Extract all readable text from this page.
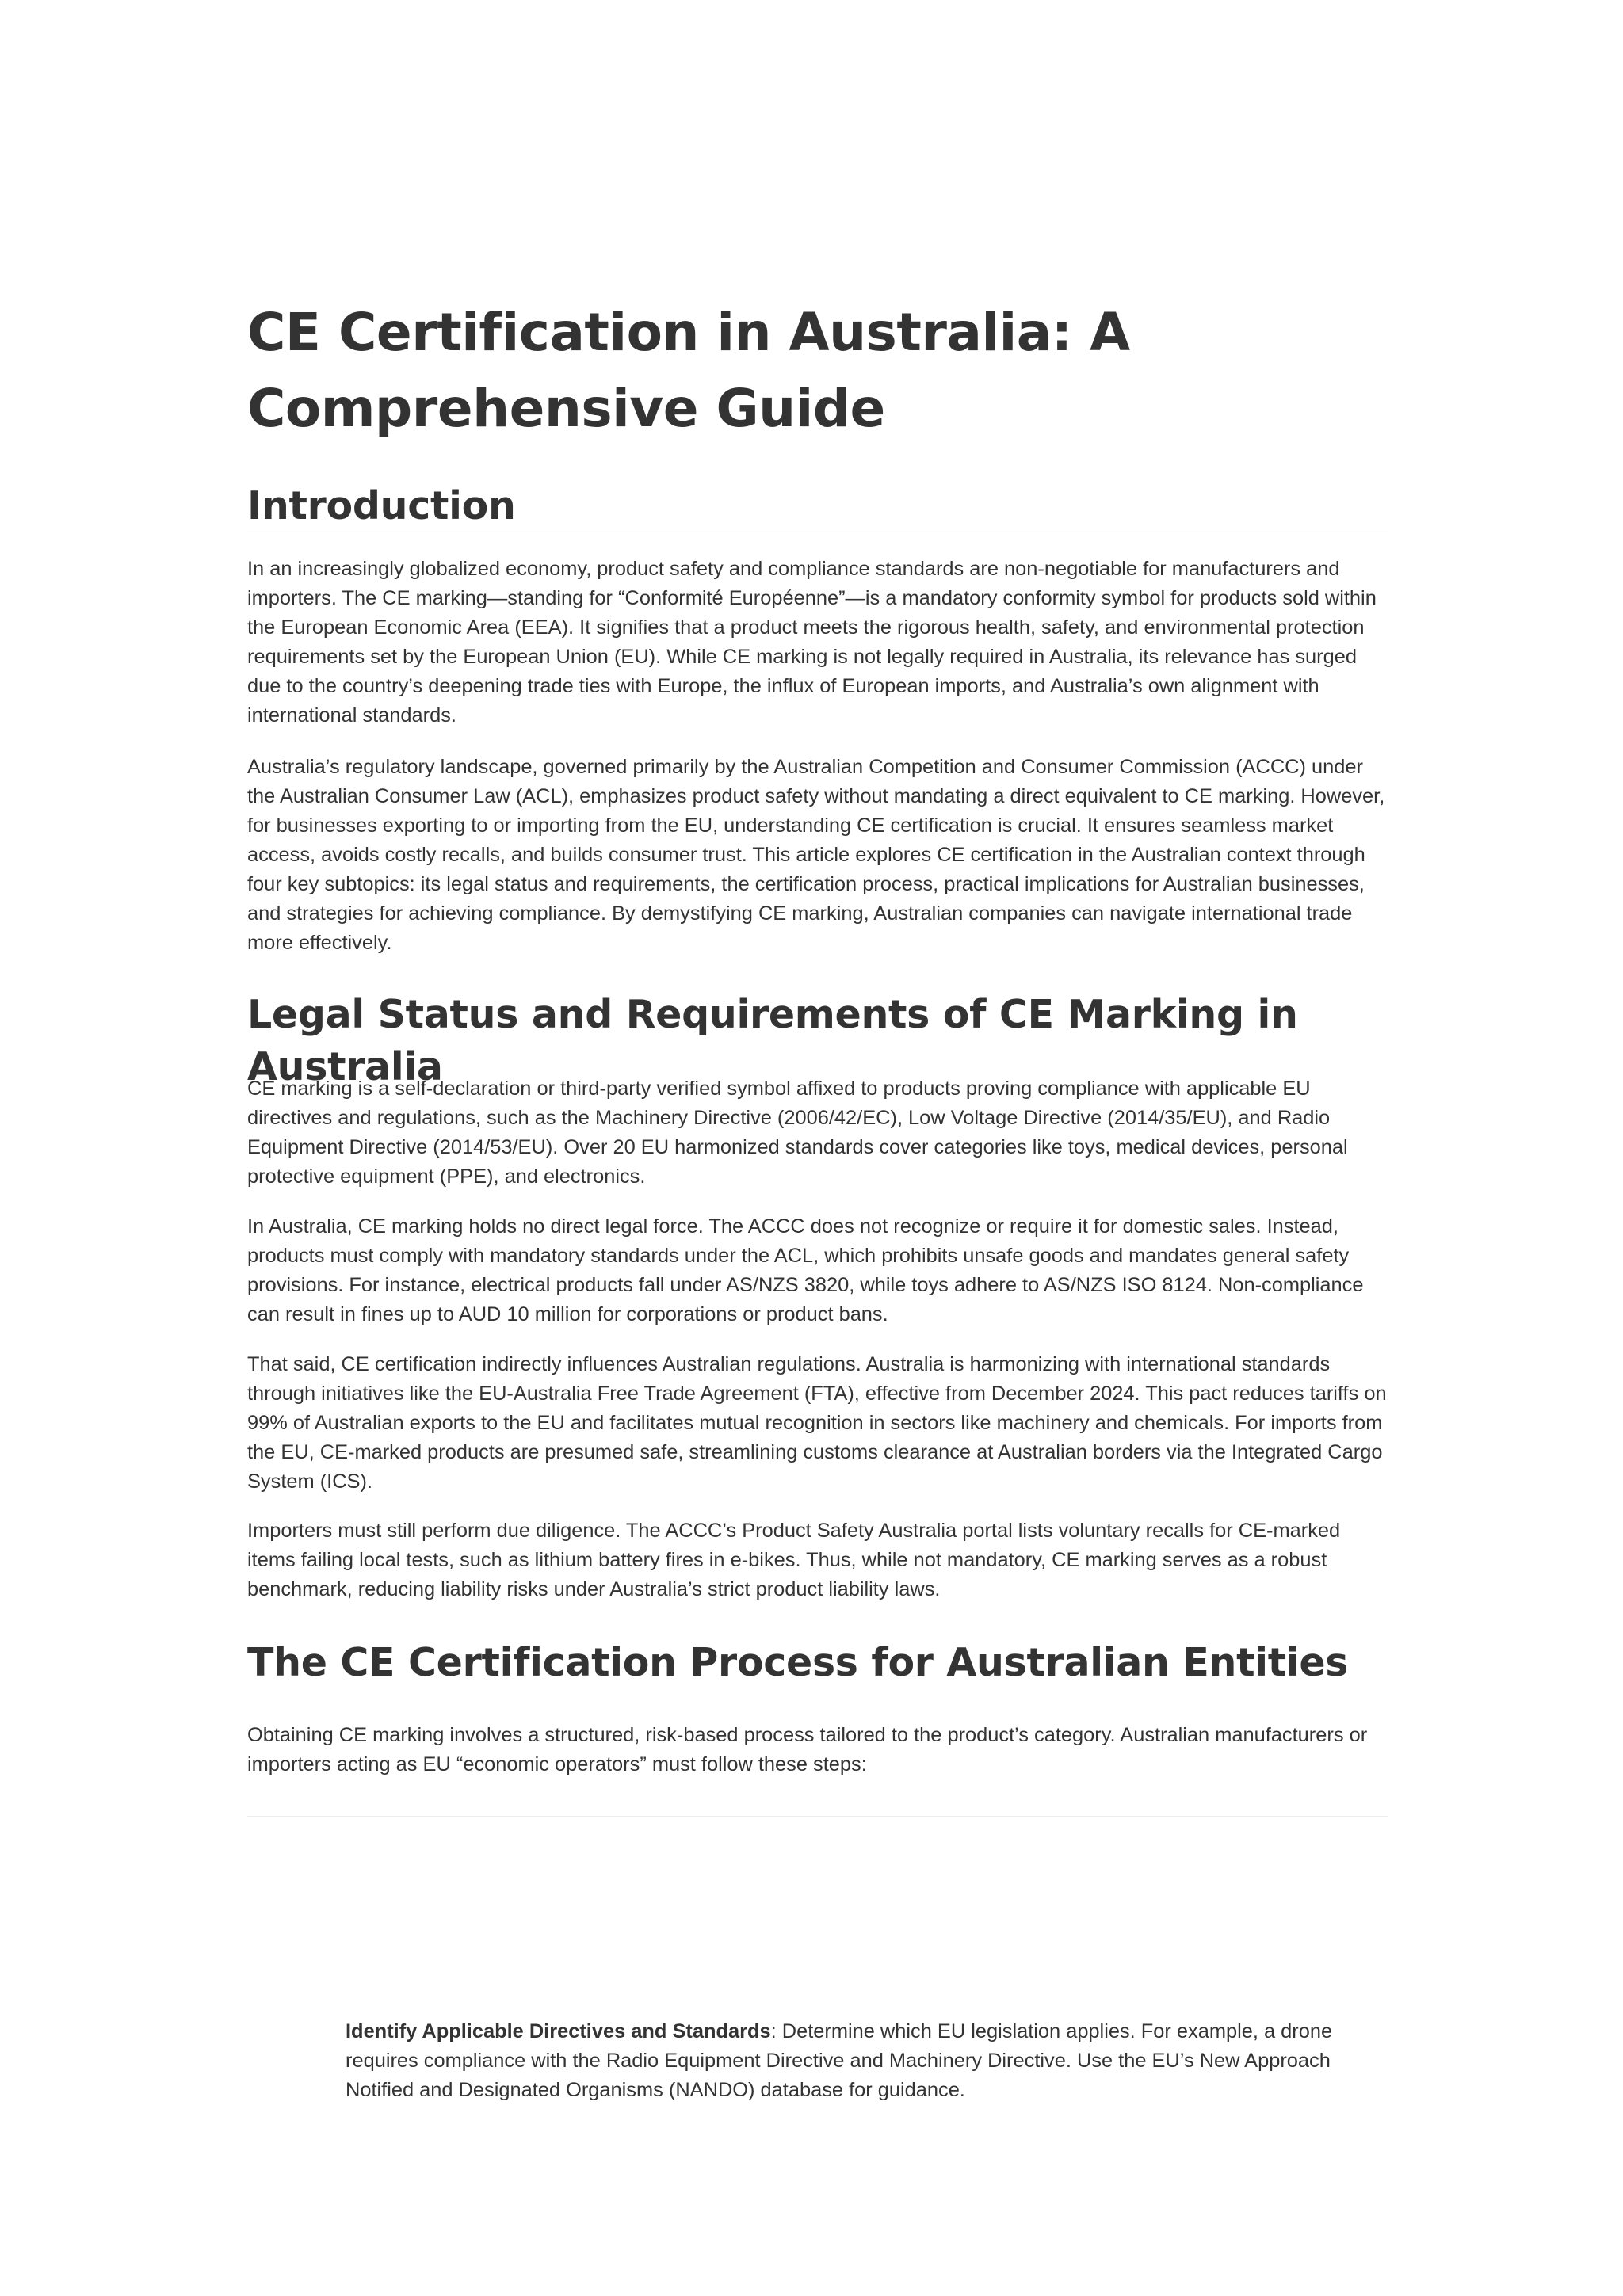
CE Certification in Australia: A Comprehensive Guide
Introduction

In an increasingly globalized economy, product safety and compliance standards are non-negotiable for manufacturers and importers. The CE marking—standing for “Conformité Européenne”—is a mandatory conformity symbol for products sold within the European Economic Area (EEA). It signifies that a product meets the rigorous health, safety, and environmental protection requirements set by the European Union (EU). While CE marking is not legally required in Australia, its relevance has surged due to the country’s deepening trade ties with Europe, the influx of European imports, and Australia’s own alignment with international standards.

Australia’s regulatory landscape, governed primarily by the Australian Competition and Consumer Commission (ACCC) under the Australian Consumer Law (ACL), emphasizes product safety without mandating a direct equivalent to CE marking. However, for businesses exporting to or importing from the EU, understanding CE certification is crucial. It ensures seamless market access, avoids costly recalls, and builds consumer trust. This article explores CE certification in the Australian context through four key subtopics: its legal status and requirements, the certification process, practical implications for Australian businesses, and strategies for achieving compliance. By demystifying CE marking, Australian companies can navigate international trade more effectively.

Legal Status and Requirements of CE Marking in Australia

CE marking is a self-declaration or third-party verified symbol affixed to products proving compliance with applicable EU directives and regulations, such as the Machinery Directive (2006/42/EC), Low Voltage Directive (2014/35/EU), and Radio Equipment Directive (2014/53/EU). Over 20 EU harmonized standards cover categories like toys, medical devices, personal protective equipment (PPE), and electronics.

In Australia, CE marking holds no direct legal force. The ACCC does not recognize or require it for domestic sales. Instead, products must comply with mandatory standards under the ACL, which prohibits unsafe goods and mandates general safety provisions. For instance, electrical products fall under AS/NZS 3820, while toys adhere to AS/NZS ISO 8124. Non-compliance can result in fines up to AUD 10 million for corporations or product bans.

That said, CE certification indirectly influences Australian regulations. Australia is harmonizing with international standards through initiatives like the EU-Australia Free Trade Agreement (FTA), effective from December 2024. This pact reduces tariffs on 99% of Australian exports to the EU and facilitates mutual recognition in sectors like machinery and chemicals. For imports from the EU, CE-marked products are presumed safe, streamlining customs clearance at Australian borders via the Integrated Cargo System (ICS).

Importers must still perform due diligence. The ACCC’s Product Safety Australia portal lists voluntary recalls for CE-marked items failing local tests, such as lithium battery fires in e-bikes. Thus, while not mandatory, CE marking serves as a robust benchmark, reducing liability risks under Australia’s strict product liability laws.

The CE Certification Process for Australian Entities

Obtaining CE marking involves a structured, risk-based process tailored to the product’s category. Australian manufacturers or importers acting as EU “economic operators” must follow these steps:

Identify Applicable Directives and Standards: Determine which EU legislation applies. For example, a drone requires compliance with the Radio Equipment Directive and Machinery Directive. Use the EU’s New Approach Notified and Designated Organisms (NANDO) database for guidance.
